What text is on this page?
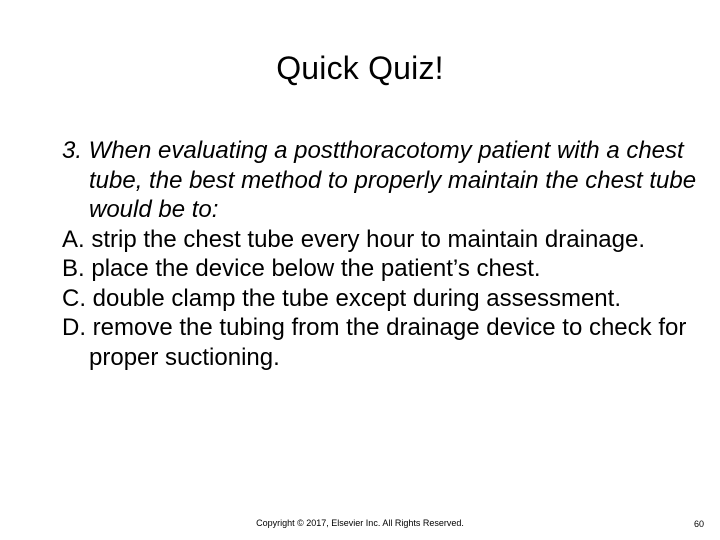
Quick Quiz!

3. When evaluating a postthoracotomy patient with a chest tube, the best method to properly maintain the chest tube would be to:

A. strip the chest tube every hour to maintain drainage.

B. place the device below the patient’s chest.

C. double clamp the tube except during assessment.

D. remove the tubing from the drainage device to check for proper suctioning.

Copyright © 2017, Elsevier Inc. All Rights Reserved.	60
